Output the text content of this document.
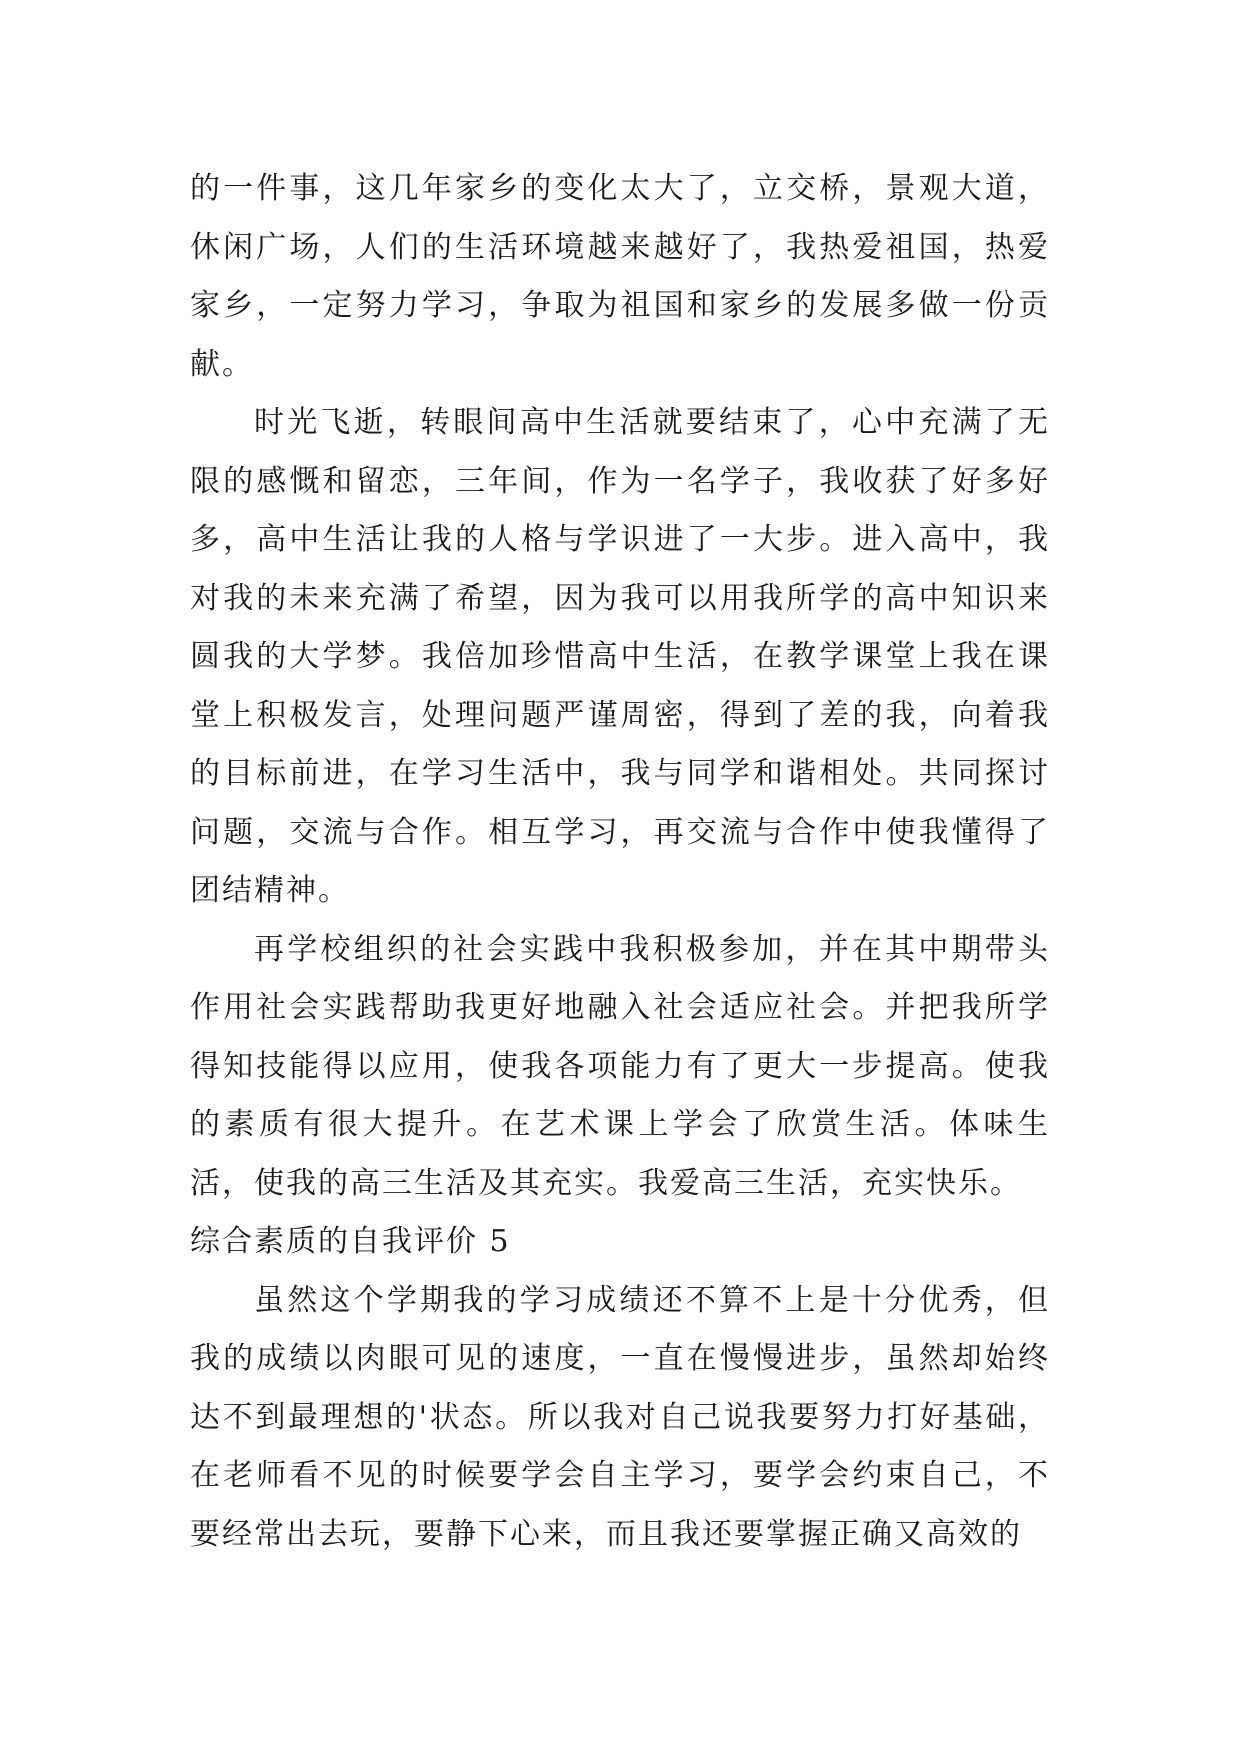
的一件事，这几年家乡的变化太大了，立交桥，景观大道，休闲广场，人们的生活环境越来越好了，我热爱祖国，热爱家乡，一定努力学习，争取为祖国和家乡的发展多做一份贡献。

时光飞逝，转眼间高中生活就要结束了，心中充满了无限的感慨和留恋，三年间，作为一名学子，我收获了好多好多，高中生活让我的人格与学识进了一大步。进入高中，我对我的未来充满了希望，因为我可以用我所学的高中知识来圆我的大学梦。我倍加珍惜高中生活，在教学课堂上我在课堂上积极发言，处理问题严谨周密，得到了差的我，向着我的目标前进，在学习生活中，我与同学和谐相处。共同探讨问题，交流与合作。相互学习，再交流与合作中使我懂得了团结精神。

再学校组织的社会实践中我积极参加，并在其中期带头作用社会实践帮助我更好地融入社会适应社会。并把我所学得知技能得以应用，使我各项能力有了更大一步提高。使我的素质有很大提升。在艺术课上学会了欣赏生活。体味生活，使我的高三生活及其充实。我爱高三生活，充实快乐。

综合素质的自我评价 5

虽然这个学期我的学习成绩还不算不上是十分优秀，但我的成绩以肉眼可见的速度，一直在慢慢进步，虽然却始终达不到最理想的'状态。所以我对自己说我要努力打好基础，在老师看不见的时候要学会自主学习，要学会约束自己，不要经常出去玩，要静下心来，而且我还要掌握正确又高效的
